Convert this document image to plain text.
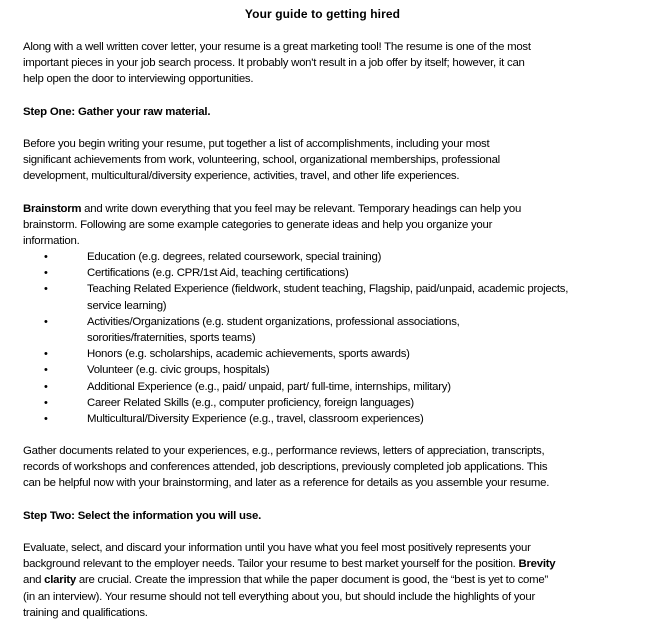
Your guide to getting hired
Along with a well written cover letter, your resume is a great marketing tool! The resume is one of the most
important pieces in your job search process. It probably won't result in a job offer by itself; however, it can
help open the door to interviewing opportunities.
Step One: Gather your raw material.
Before you begin writing your resume, put together a list of accomplishments, including your most
significant achievements from work, volunteering, school, organizational memberships, professional
development, multicultural/diversity experience, activities, travel, and other life experiences.
Brainstorm and write down everything that you feel may be relevant. Temporary headings can help you
brainstorm. Following are some example categories to generate ideas and help you organize your
information.
•	Education (e.g. degrees, related coursework, special training)
•	Certifications (e.g. CPR/1st Aid, teaching certifications)
•	Teaching Related Experience (fieldwork, student teaching, Flagship, paid/unpaid, academic projects,
service learning)
•	Activities/Organizations (e.g. student organizations, professional associations,
sororities/fraternities, sports teams)
•	Honors (e.g. scholarships, academic achievements, sports awards)
•	Volunteer (e.g. civic groups, hospitals)
•	Additional Experience (e.g., paid/ unpaid, part/ full-time, internships, military)
•	Career Related Skills (e.g., computer proficiency, foreign languages)
•	Multicultural/Diversity Experience (e.g., travel, classroom experiences)
Gather documents related to your experiences, e.g., performance reviews, letters of appreciation, transcripts,
records of workshops and conferences attended, job descriptions, previously completed job applications. This
can be helpful now with your brainstorming, and later as a reference for details as you assemble your resume.
Step Two: Select the information you will use.
Evaluate, select, and discard your information until you have what you feel most positively represents your
background relevant to the employer needs. Tailor your resume to best market yourself for the position. Brevity
and clarity are crucial. Create the impression that while the paper document is good, the “best is yet to come”
(in an interview). Your resume should not tell everything about you, but should include the highlights of your
training and qualifications.
